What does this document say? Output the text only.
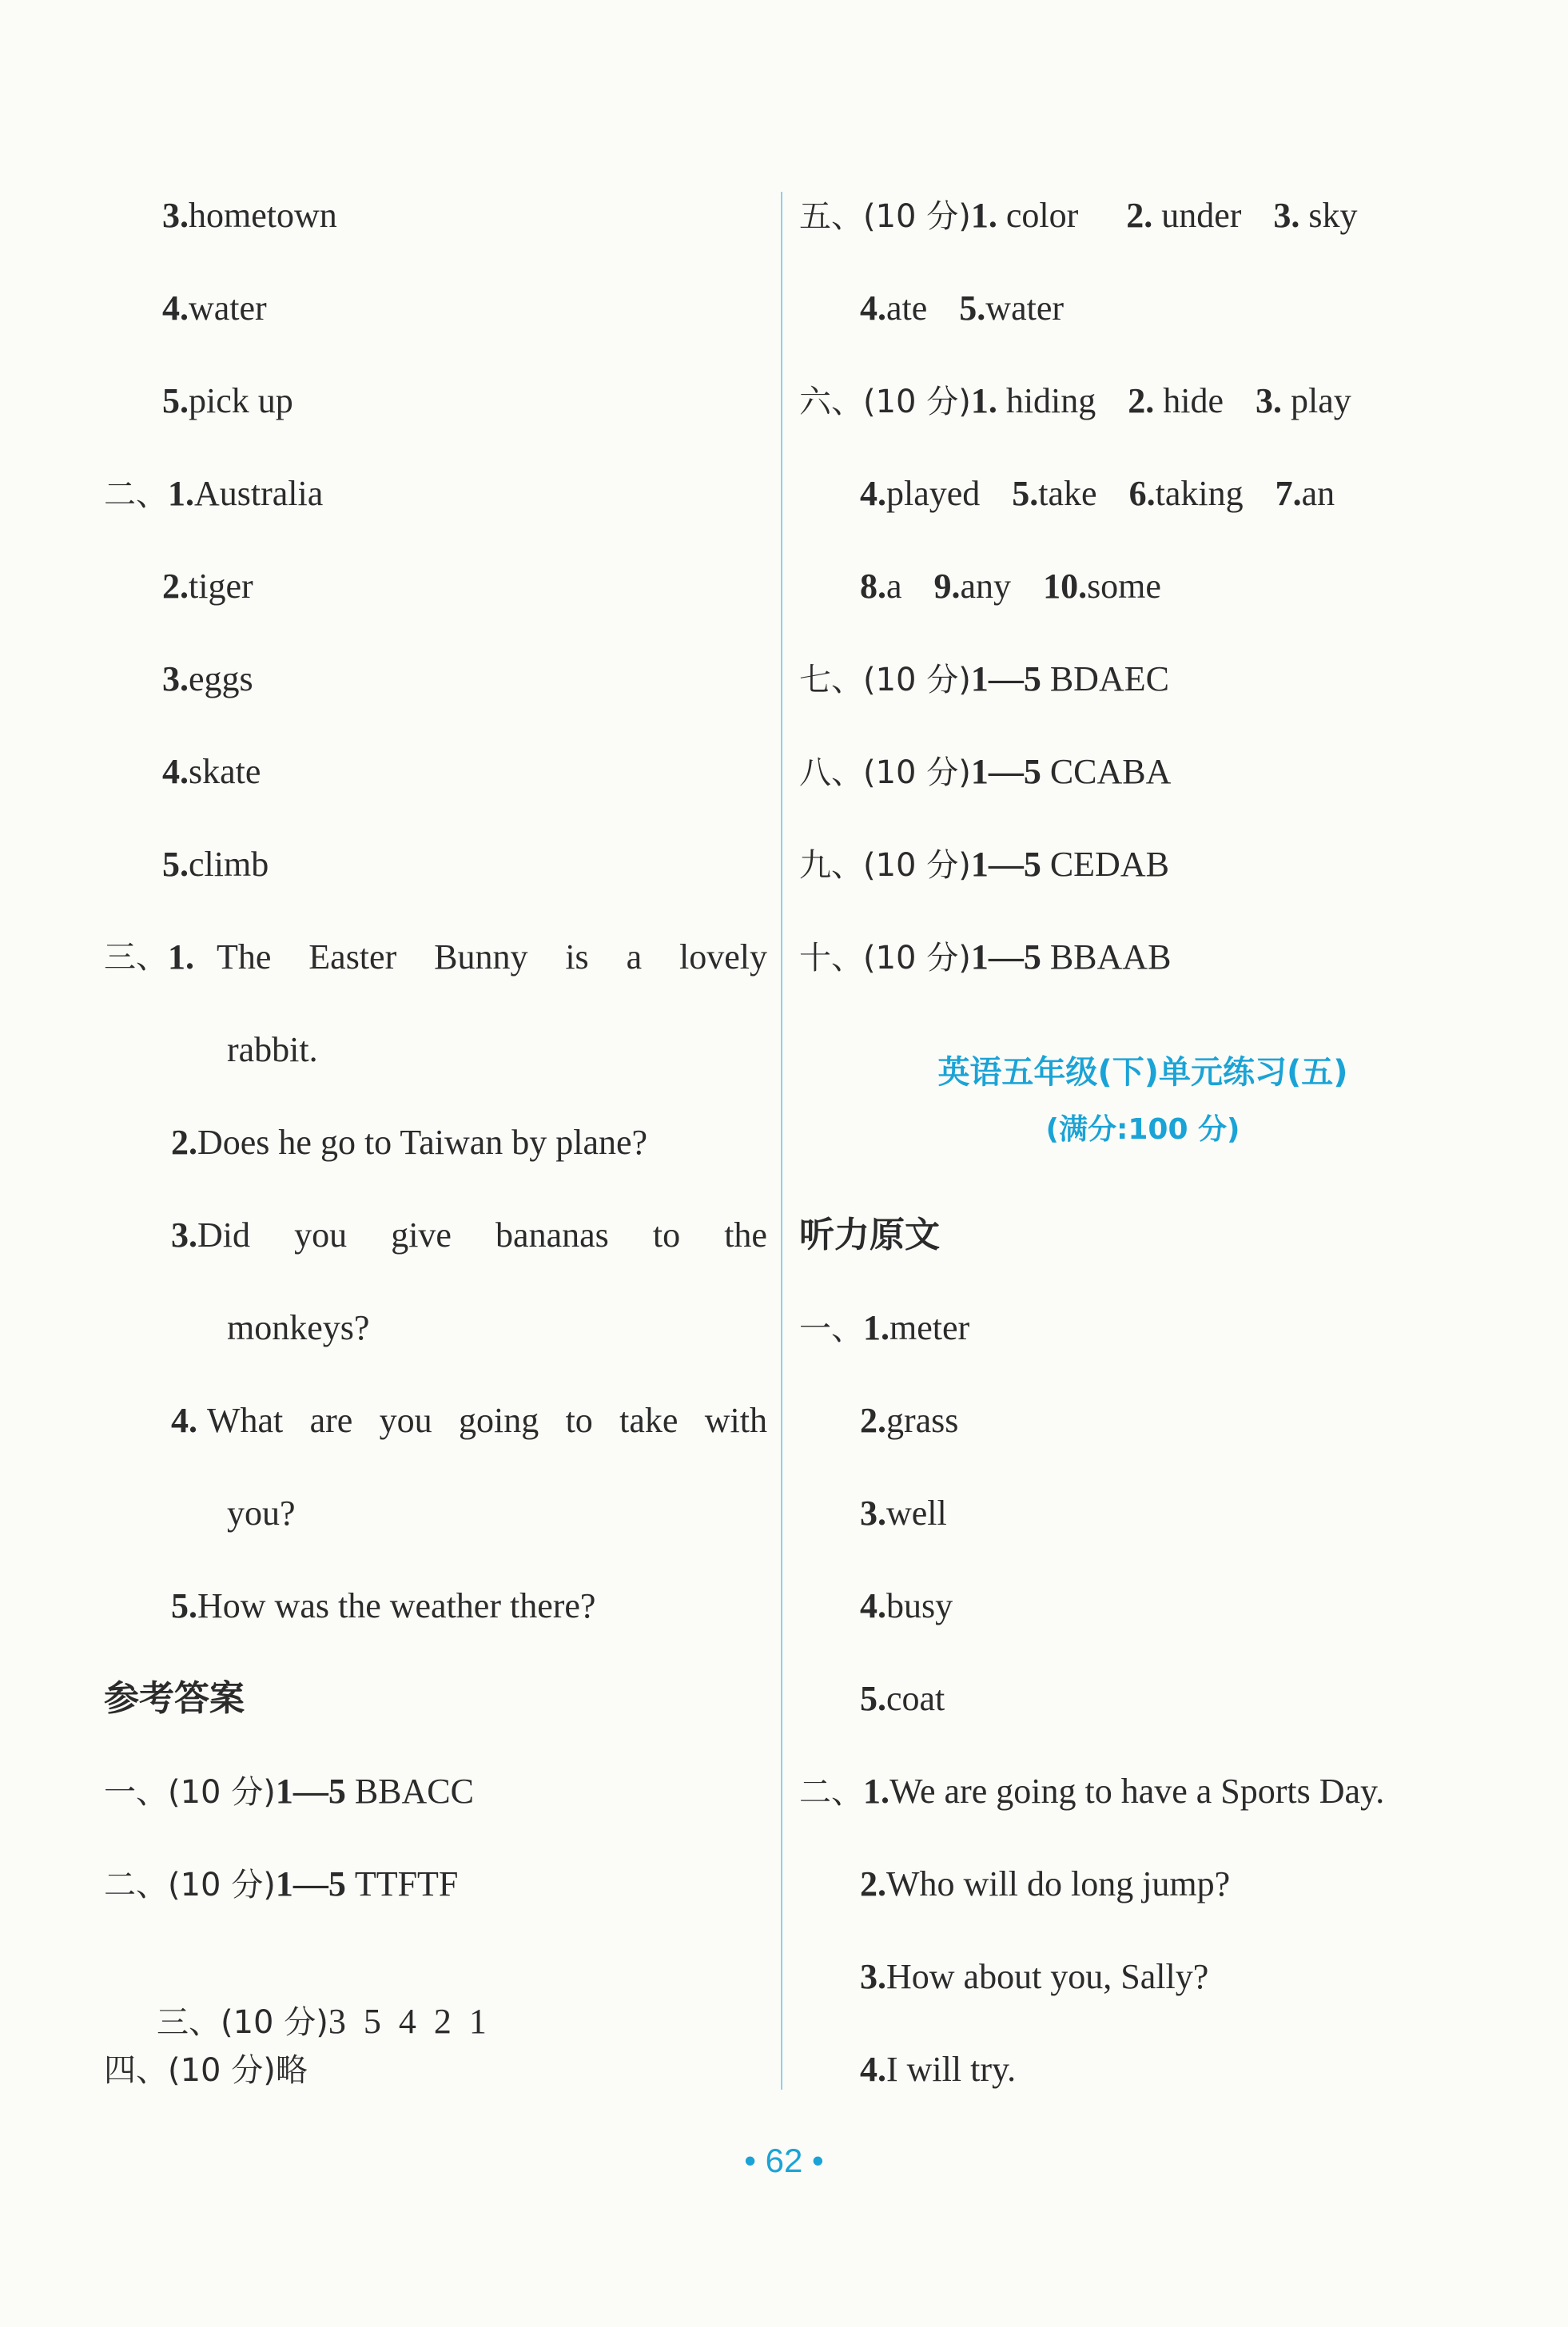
3.hometown
4.water
5.pick up
二、1.Australia
2.tiger
3.eggs
4.skate
5.climb
三、 1. The Easter Bunny is a lovely
rabbit.
2.Does he go to Taiwan by plane?
3. Did you give bananas to the
monkeys?
4. What are you going to take with
you?
5.How was the weather there?
参考答案
一、(10 分)1—5 BBACC
二、(10 分)1—5 TTFTF

三、(10 分)3  5  4  2  1

四、(10 分)略
五、(10 分)1. color 2. under 3. sky
4.ate 5.water
六、(10 分)1. hiding 2. hide 3. play
4.played 5.take 6.taking 7.an
8.a 9.any 10.some
七、(10 分)1—5 BDAEC
八、(10 分)1—5 CCABA
九、(10 分)1—5 CEDAB
十、(10 分)1—5 BBAAB
英语五年级(下)单元练习(五)
(满分:100 分)
听力原文
一、1.meter
2.grass
3.well
4.busy
5.coat
二、1.We are going to have a Sports Day.
2.Who will do long jump?
3.How about you, Sally?
4.I will try.
• 62 •
